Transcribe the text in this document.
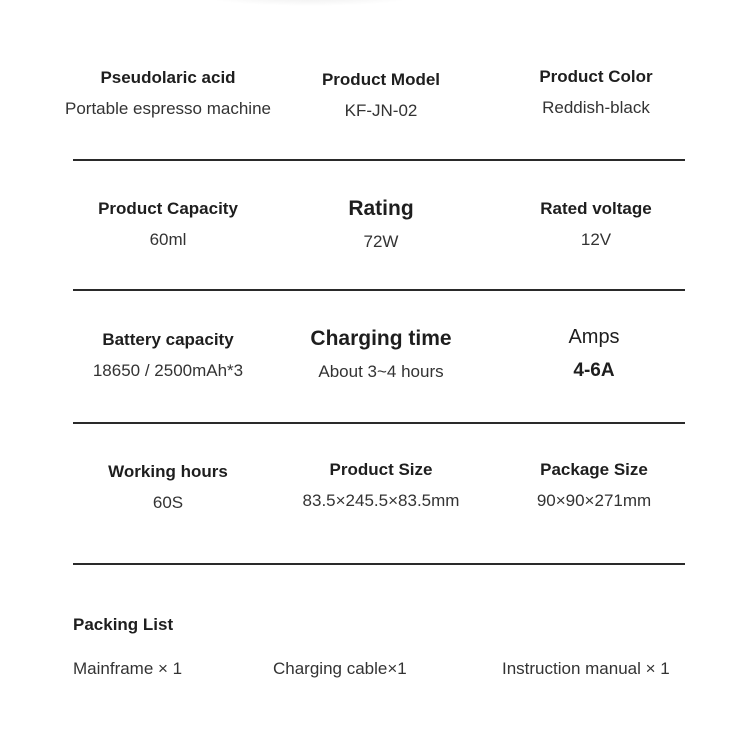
Pseudolaric acid
Portable espresso machine
Product Model
KF-JN-02
Product Color
Reddish-black
Product Capacity
60ml
Rating
72W
Rated voltage
12V
Battery capacity
18650 / 2500mAh*3
Charging time
About 3~4 hours
Amps
4-6A
Working hours
60S
Product Size
83.5×245.5×83.5mm
Package Size
90×90×271mm
Packing List
Mainframe × 1	Charging cable×1	Instruction manual × 1
